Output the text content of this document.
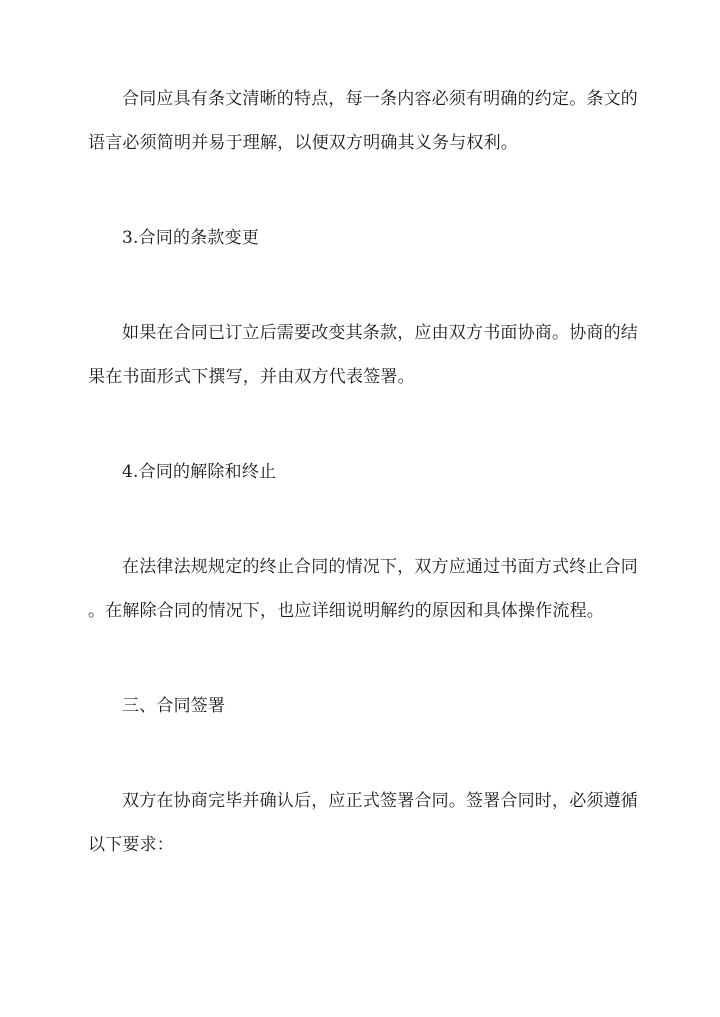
合同应具有条文清晰的特点，每一条内容必须有明确的约定。条文的
语言必须简明并易于理解，以便双方明确其义务与权利。
3.合同的条款变更
如果在合同已订立后需要改变其条款，应由双方书面协商。协商的结
果在书面形式下撰写，并由双方代表签署。
4.合同的解除和终止
在法律法规规定的终止合同的情况下，双方应通过书面方式终止合同
。在解除合同的情况下，也应详细说明解约的原因和具体操作流程。
三、合同签署
双方在协商完毕并确认后，应正式签署合同。签署合同时，必须遵循
以下要求：
